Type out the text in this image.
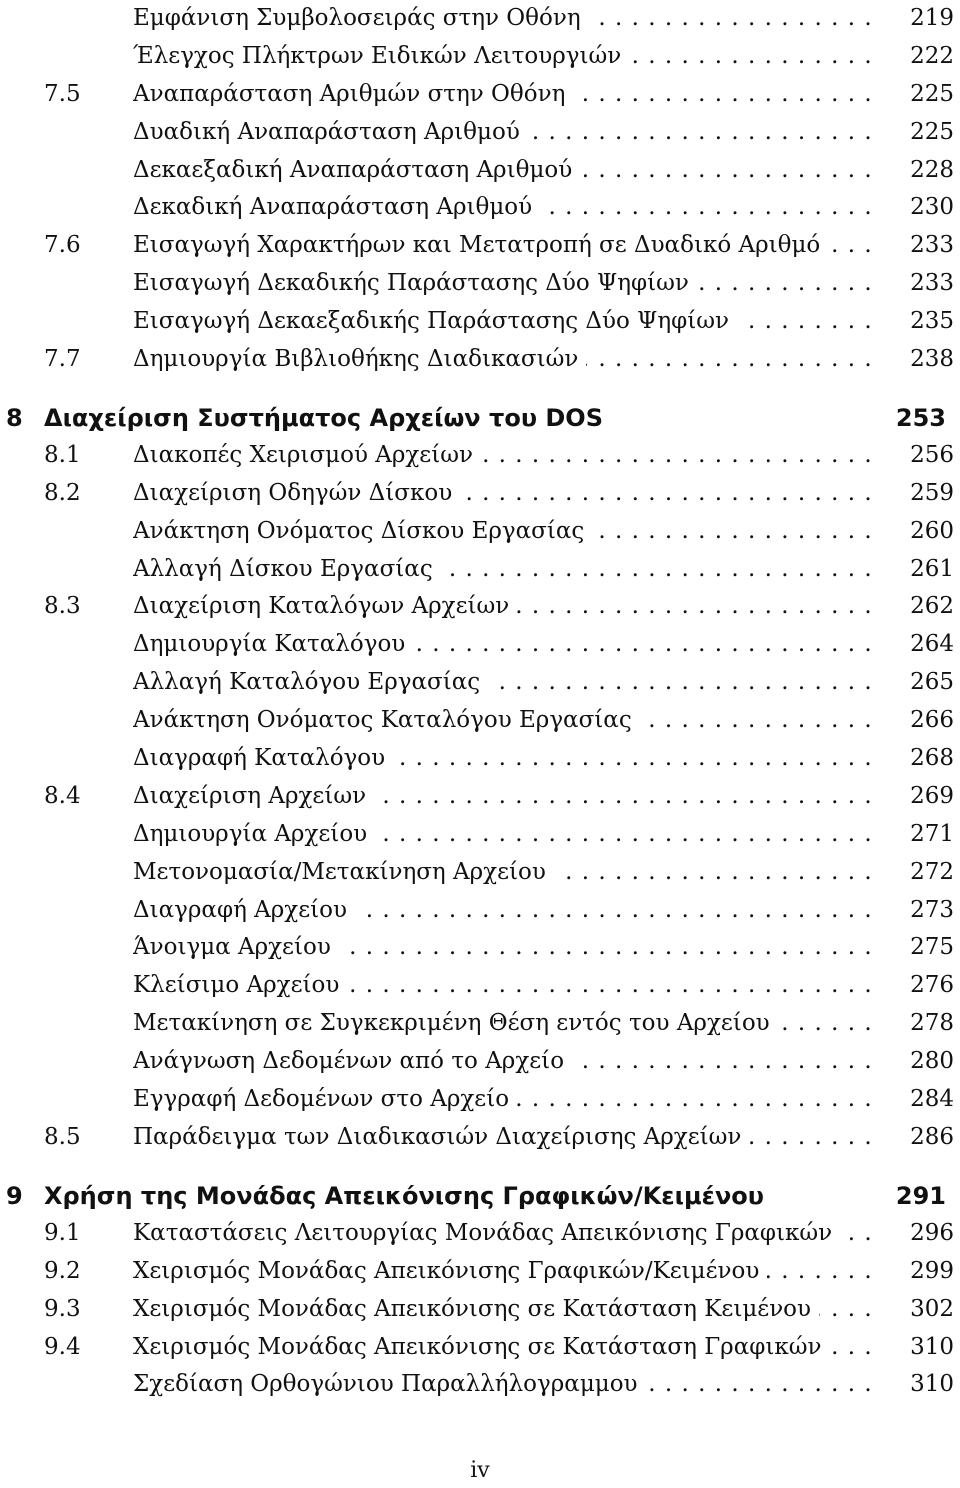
Εμφάνιση Συμβολοσειράς στην Οθόνη . . .	219
Έλεγχος Πλήκτρων Ειδικών Λειτουργιών . . .	222
7.5 Αναπαράσταση Αριθμών στην Οθόνη . . .	225
Δυαδική Αναπαράσταση Αριθμού . . .	225
Δεκαεξαδική Αναπαράσταση Αριθμού . . .	228
Δεκαδική Αναπαράσταση Αριθμού . . .	230
7.6 Εισαγωγή Χαρακτήρων και Μετατροπή σε Δυαδικό Αριθμό . . .	233
Εισαγωγή Δεκαδικής Παράστασης Δύο Ψηφίων . . .	233
Εισαγωγή Δεκαεξαδικής Παράστασης Δύο Ψηφίων . . .	235
7.7 Δημιουργία Βιβλιοθήκης Διαδικασιών . . .	238
8 Διαχείριση Συστήματος Αρχείων του DOS	253
8.1 Διακοπές Χειρισμού Αρχείων . . .	256
8.2 Διαχείριση Οδηγών Δίσκου . . .	259
Ανάκτηση Ονόματος Δίσκου Εργασίας . . .	260
Αλλαγή Δίσκου Εργασίας . . .	261
8.3 Διαχείριση Καταλόγων Αρχείων . . .	262
Δημιουργία Καταλόγου . . .	264
Αλλαγή Καταλόγου Εργασίας . . .	265
Ανάκτηση Ονόματος Καταλόγου Εργασίας . . .	266
Διαγραφή Καταλόγου . . .	268
8.4 Διαχείριση Αρχείων . . .	269
Δημιουργία Αρχείου . . .	271
Μετονομασία/Μετακίνηση Αρχείου . . .	272
Διαγραφή Αρχείου . . .	273
Άνοιγμα Αρχείου . . .	275
Κλείσιμο Αρχείου . . .	276
Μετακίνηση σε Συγκεκριμένη Θέση εντός του Αρχείου . . .	278
Ανάγνωση Δεδομένων από το Αρχείο . . .	280
Εγγραφή Δεδομένων στο Αρχείο . . .	284
8.5 Παράδειγμα των Διαδικασιών Διαχείρισης Αρχείων . . .	286
9 Χρήση της Μονάδας Απεικόνισης Γραφικών/Κειμένου	291
9.1 Καταστάσεις Λειτουργίας Μονάδας Απεικόνισης Γραφικών . . .	296
9.2 Χειρισμός Μονάδας Απεικόνισης Γραφικών/Κειμένου . . .	299
9.3 Χειρισμός Μονάδας Απεικόνισης σε Κατάσταση Κειμένου . . .	302
9.4 Χειρισμός Μονάδας Απεικόνισης σε Κατάσταση Γραφικών . . .	310
Σχεδίαση Ορθογώνιου Παραλλήλογραμμου . . .	310
iv
